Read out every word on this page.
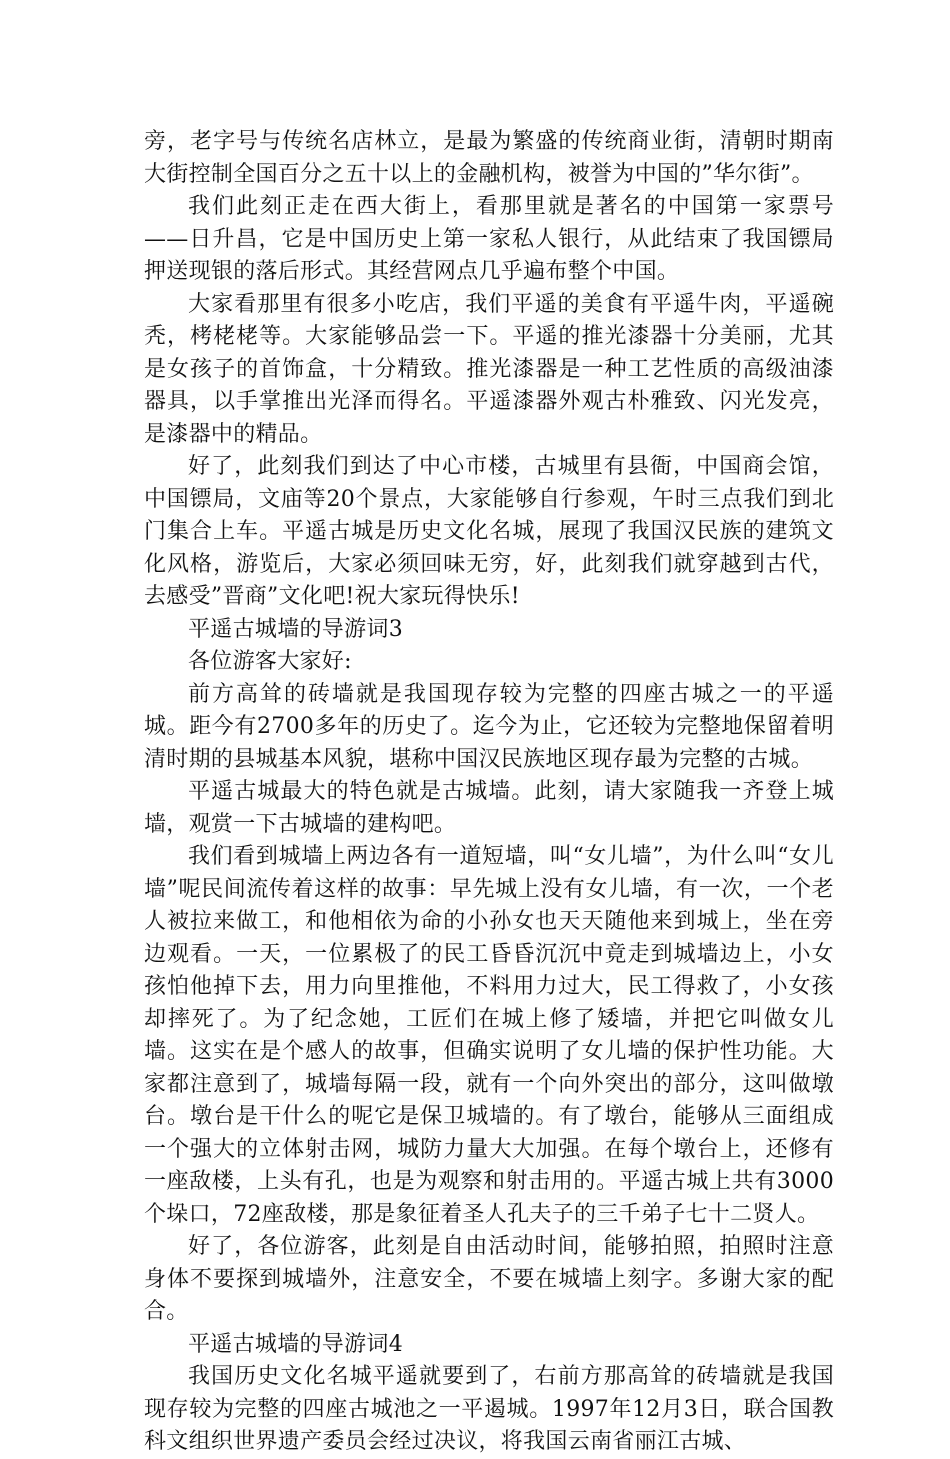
旁，老字号与传统名店林立，是最为繁盛的传统商业街，清朝时期南大街控制全国百分之五十以上的金融机构，被誉为中国的”华尔街”。

我们此刻正走在西大街上，看那里就是著名的中国第一家票号——日升昌，它是中国历史上第一家私人银行，从此结束了我国镖局押送现银的落后形式。其经营网点几乎遍布整个中国。

大家看那里有很多小吃店，我们平遥的美食有平遥牛肉，平遥碗秃，栲栳栳等。大家能够品尝一下。平遥的推光漆器十分美丽，尤其是女孩子的首饰盒，十分精致。推光漆器是一种工艺性质的高级油漆器具，以手掌推出光泽而得名。平遥漆器外观古朴雅致、闪光发亮，是漆器中的精品。

好了，此刻我们到达了中心市楼，古城里有县衙，中国商会馆，中国镖局，文庙等20个景点，大家能够自行参观，午时三点我们到北门集合上车。平遥古城是历史文化名城，展现了我国汉民族的建筑文化风格，游览后，大家必须回味无穷，好，此刻我们就穿越到古代，去感受”晋商”文化吧!祝大家玩得快乐!

平遥古城墙的导游词3

各位游客大家好:

前方高耸的砖墙就是我国现存较为完整的四座古城之一的平遥城。距今有2700多年的历史了。迄今为止，它还较为完整地保留着明清时期的县城基本风貌，堪称中国汉民族地区现存最为完整的古城。

平遥古城最大的特色就是古城墙。此刻，请大家随我一齐登上城墙，观赏一下古城墙的建构吧。

我们看到城墙上两边各有一道短墙，叫“女儿墙”，为什么叫“女儿墙”呢民间流传着这样的故事：早先城上没有女儿墙，有一次，一个老人被拉来做工，和他相依为命的小孙女也天天随他来到城上，坐在旁边观看。一天，一位累极了的民工昏昏沉沉中竟走到城墙边上，小女孩怕他掉下去，用力向里推他，不料用力过大，民工得救了，小女孩却摔死了。为了纪念她，工匠们在城上修了矮墙，并把它叫做女儿墙。这实在是个感人的故事，但确实说明了女儿墙的保护性功能。大家都注意到了，城墙每隔一段，就有一个向外突出的部分，这叫做墩台。墩台是干什么的呢它是保卫城墙的。有了墩台，能够从三面组成一个强大的立体射击网，城防力量大大加强。在每个墩台上，还修有一座敌楼，上头有孔，也是为观察和射击用的。平遥古城上共有3000个垛口，72座敌楼，那是象征着圣人孔夫子的三千弟子七十二贤人。

好了，各位游客，此刻是自由活动时间，能够拍照，拍照时注意身体不要探到城墙外，注意安全，不要在城墙上刻字。多谢大家的配合。

平遥古城墙的导游词4

我国历史文化名城平遥就要到了，右前方那高耸的砖墙就是我国现存较为完整的四座古城池之一平遏城。1997年12月3日，联合国教科文组织世界遗产委员会经过决议，将我国云南省丽江古城、
